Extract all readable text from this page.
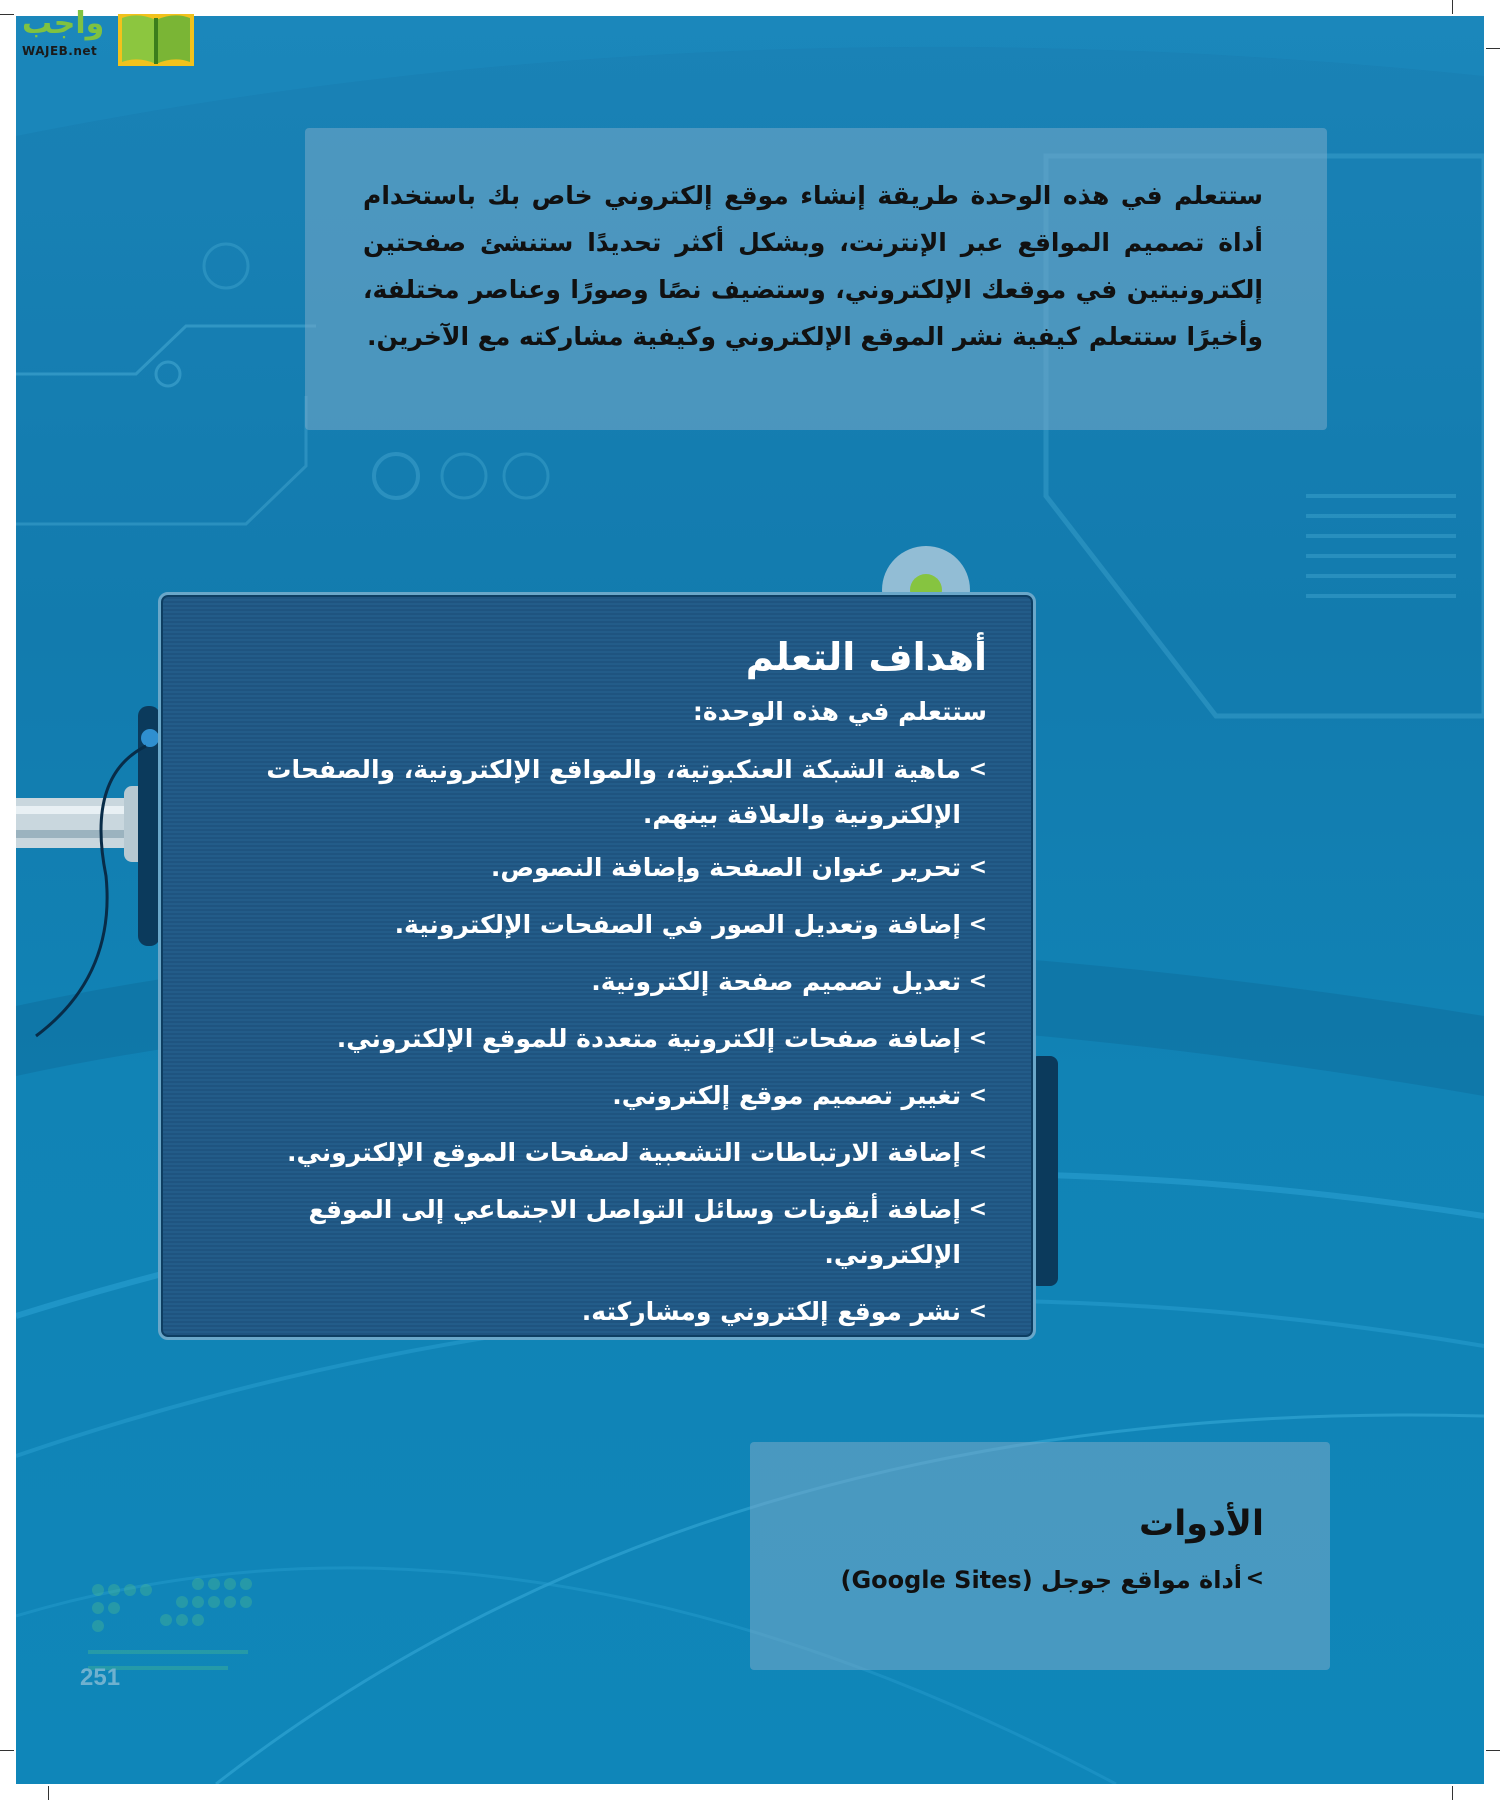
واجب
WAJEB.net
ستتعلم في هذه الوحدة طريقة إنشاء موقع إلكتروني خاص بك باستخدام أداة تصميم المواقع عبر الإنترنت، وبشكل أكثر تحديدًا ستنشئ صفحتين إلكترونيتين في موقعك الإلكتروني، وستضيف نصًا وصورًا وعناصر مختلفة، وأخيرًا ستتعلم كيفية نشر الموقع الإلكتروني وكيفية مشاركته مع الآخرين.
أهداف التعلم
ستتعلم في هذه الوحدة:
>
ماهية الشبكة العنكبوتية، والمواقع الإلكترونية، والصفحات الإلكترونية والعلاقة بينهم.
>
تحرير عنوان الصفحة وإضافة النصوص.
>
إضافة وتعديل الصور في الصفحات الإلكترونية.
>
تعديل تصميم صفحة إلكترونية.
>
إضافة صفحات إلكترونية متعددة للموقع الإلكتروني.
>
تغيير تصميم موقع إلكتروني.
>
إضافة الارتباطات التشعبية لصفحات الموقع الإلكتروني.
>
إضافة أيقونات وسائل التواصل الاجتماعي إلى الموقع الإلكتروني.
>
نشر موقع إلكتروني ومشاركته.
الأدوات
>
أداة مواقع جوجل (Google Sites)
251
